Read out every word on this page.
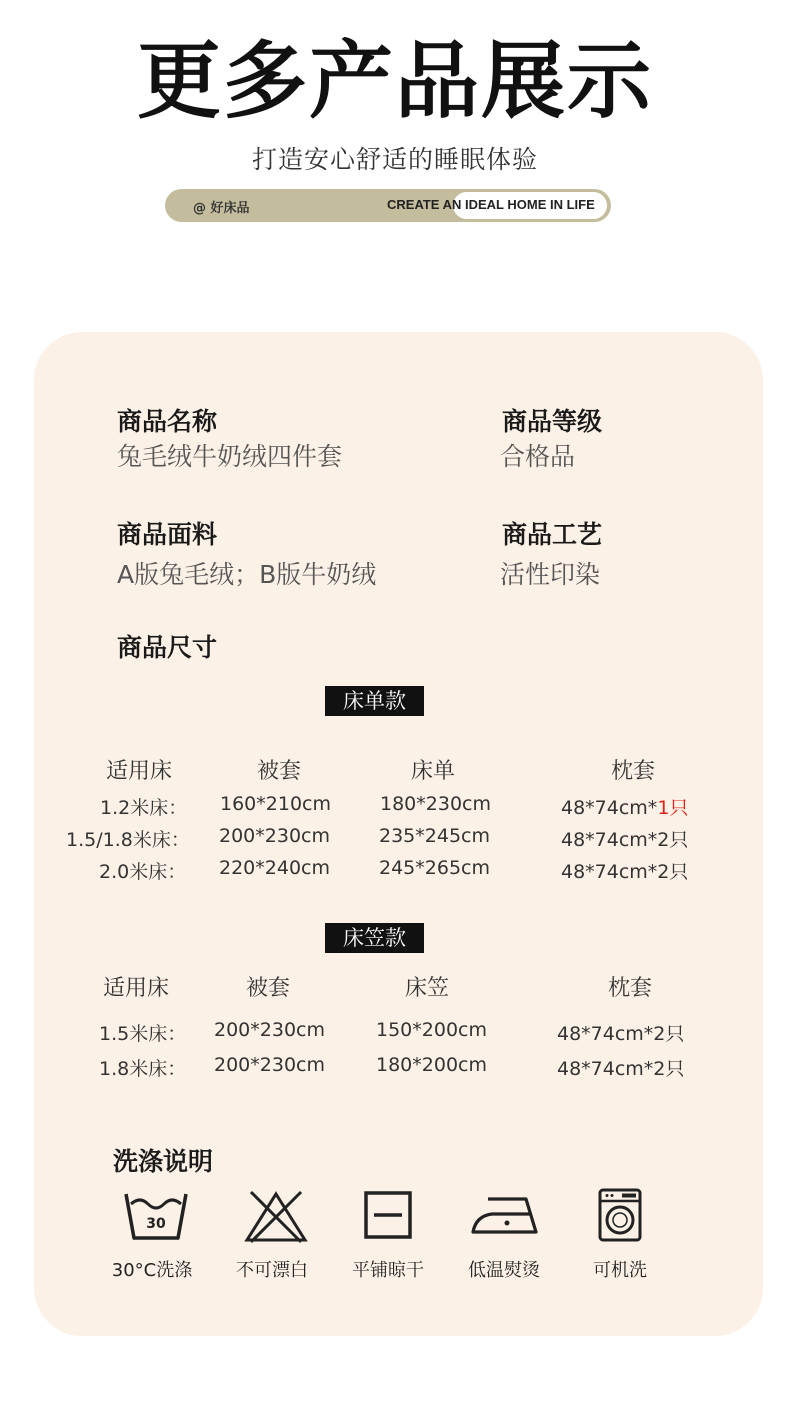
更多产品展示
打造安心舒适的睡眠体验
@ 好床品	CREATE AN IDEAL HOME IN LIFE
商品名称
兔毛绒牛奶绒四件套
商品等级
合格品
商品面料
A版兔毛绒；B版牛奶绒
商品工艺
活性印染
商品尺寸
床单款
适用床	被套	床单	枕套
1.2米床： 160*210cm	180*230cm	48*74cm*1只
1.5/1.8米床： 200*230cm	235*245cm	48*74cm*2只
2.0米床： 220*240cm	245*265cm	48*74cm*2只
床笠款
适用床	被套	床笠	枕套
1.5米床： 200*230cm	150*200cm	48*74cm*2只
1.8米床： 200*230cm	180*200cm	48*74cm*2只
洗涤说明
30
30°C洗涤	不可漂白	平铺晾干	低温熨烫	可机洗
